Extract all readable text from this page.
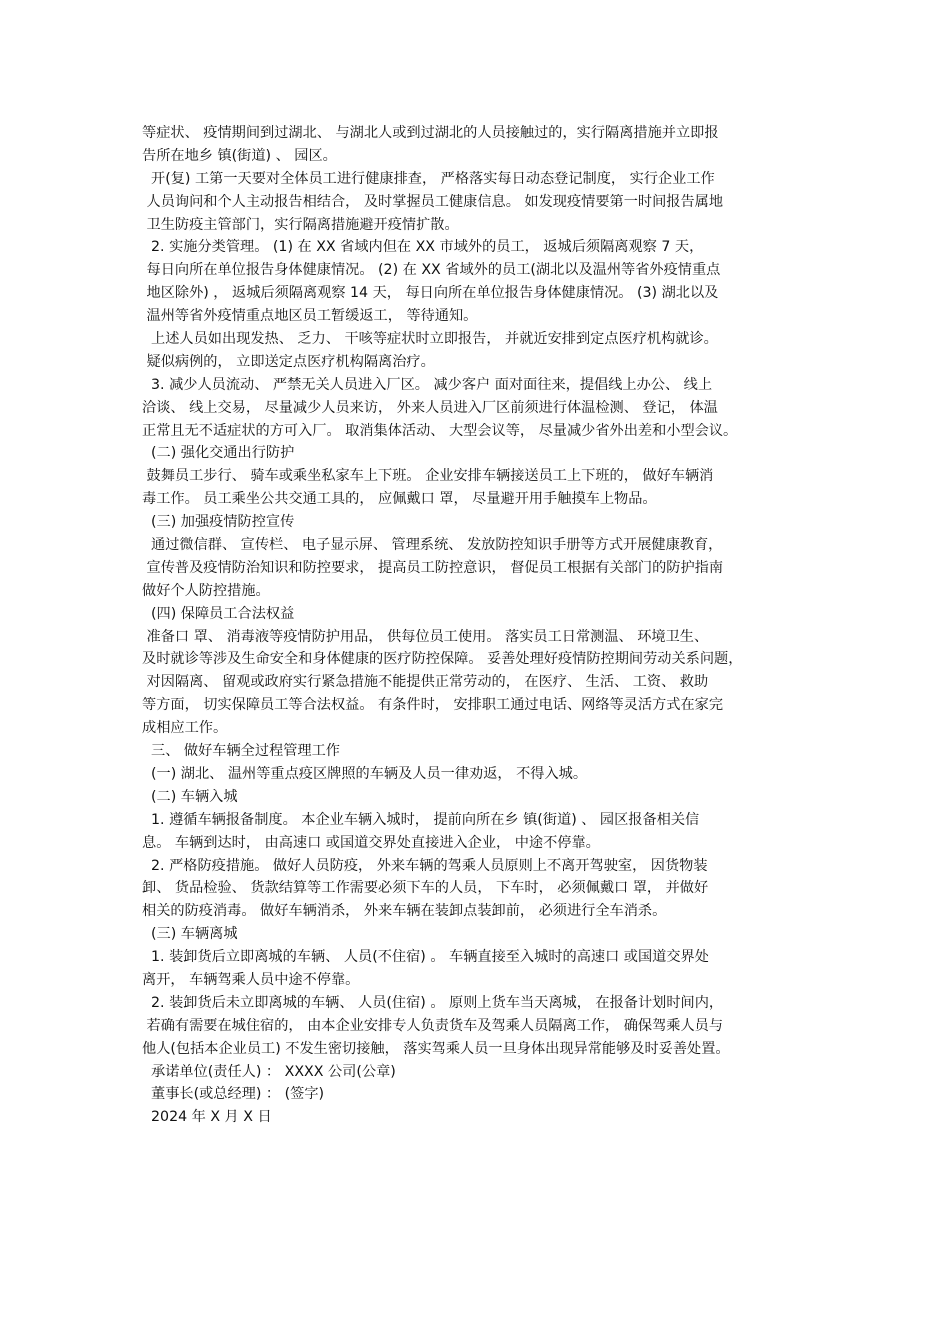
等症状、 疫情期间到过湖北、 与湖北人或到过湖北的人员接触过的，实行隔离措施并立即报
告所在地乡 镇(街道) 、 园区。
开(复) 工第一天要对全体员工进行健康排查， 严格落实每日动态登记制度， 实行企业工作
人员询问和个人主动报告相结合， 及时掌握员工健康信息。 如发现疫情要第一时间报告属地
卫生防疫主管部门，实行隔离措施避开疫情扩散。
2. 实施分类管理。 (1) 在 XX 省域内但在 XX 市域外的员工， 返城后须隔离观察 7 天，
每日向所在单位报告身体健康情况。 (2) 在 XX 省域外的员工(湖北以及温州等省外疫情重点
地区除外) ， 返城后须隔离观察 14 天， 每日向所在单位报告身体健康情况。 (3) 湖北以及
温州等省外疫情重点地区员工暂缓返工， 等待通知。
上述人员如出现发热、 乏力、 干咳等症状时立即报告， 并就近安排到定点医疗机构就诊。
疑似病例的， 立即送定点医疗机构隔离治疗。
3. 减少人员流动、 严禁无关人员进入厂区。 减少客户 面对面往来，提倡线上办公、 线上
洽谈、 线上交易， 尽量减少人员来访， 外来人员进入厂区前须进行体温检测、 登记， 体温
正常且无不适症状的方可入厂。 取消集体活动、 大型会议等， 尽量减少省外出差和小型会议。
(二) 强化交通出行防护
鼓舞员工步行、 骑车或乘坐私家车上下班。 企业安排车辆接送员工上下班的， 做好车辆消
毒工作。 员工乘坐公共交通工具的， 应佩戴口 罩， 尽量避开用手触摸车上物品。
(三) 加强疫情防控宣传
通过微信群、 宣传栏、 电子显示屏、 管理系统、 发放防控知识手册等方式开展健康教育，
宣传普及疫情防治知识和防控要求， 提高员工防控意识， 督促员工根据有关部门的防护指南
做好个人防控措施。
(四) 保障员工合法权益
准备口 罩、 消毒液等疫情防护用品， 供每位员工使用。 落实员工日常测温、 环境卫生、
及时就诊等涉及生命安全和身体健康的医疗防控保障。 妥善处理好疫情防控期间劳动关系问题，
对因隔离、 留观或政府实行紧急措施不能提供正常劳动的， 在医疗、 生活、 工资、 救助
等方面， 切实保障员工等合法权益。 有条件时， 安排职工通过电话、网络等灵活方式在家完
成相应工作。
三、 做好车辆全过程管理工作
(一) 湖北、 温州等重点疫区牌照的车辆及人员一律劝返， 不得入城。
(二) 车辆入城
1. 遵循车辆报备制度。 本企业车辆入城时， 提前向所在乡 镇(街道) 、 园区报备相关信
息。 车辆到达时， 由高速口 或国道交界处直接进入企业， 中途不停靠。
2. 严格防疫措施。 做好人员防疫， 外来车辆的驾乘人员原则上不离开驾驶室， 因货物装
卸、 货品检验、 货款结算等工作需要必须下车的人员， 下车时， 必须佩戴口 罩， 并做好
相关的防疫消毒。 做好车辆消杀， 外来车辆在装卸点装卸前， 必须进行全车消杀。
(三) 车辆离城
1. 装卸货后立即离城的车辆、 人员(不住宿) 。 车辆直接至入城时的高速口 或国道交界处
离开， 车辆驾乘人员中途不停靠。
2. 装卸货后未立即离城的车辆、 人员(住宿) 。 原则上货车当天离城， 在报备计划时间内，
若确有需要在城住宿的， 由本企业安排专人负责货车及驾乘人员隔离工作， 确保驾乘人员与
他人(包括本企业员工) 不发生密切接触， 落实驾乘人员一旦身体出现异常能够及时妥善处置。
承诺单位(责任人) ： XXXX 公司(公章)
董事长(或总经理) ： (签字)
2024 年 X 月 X 日
